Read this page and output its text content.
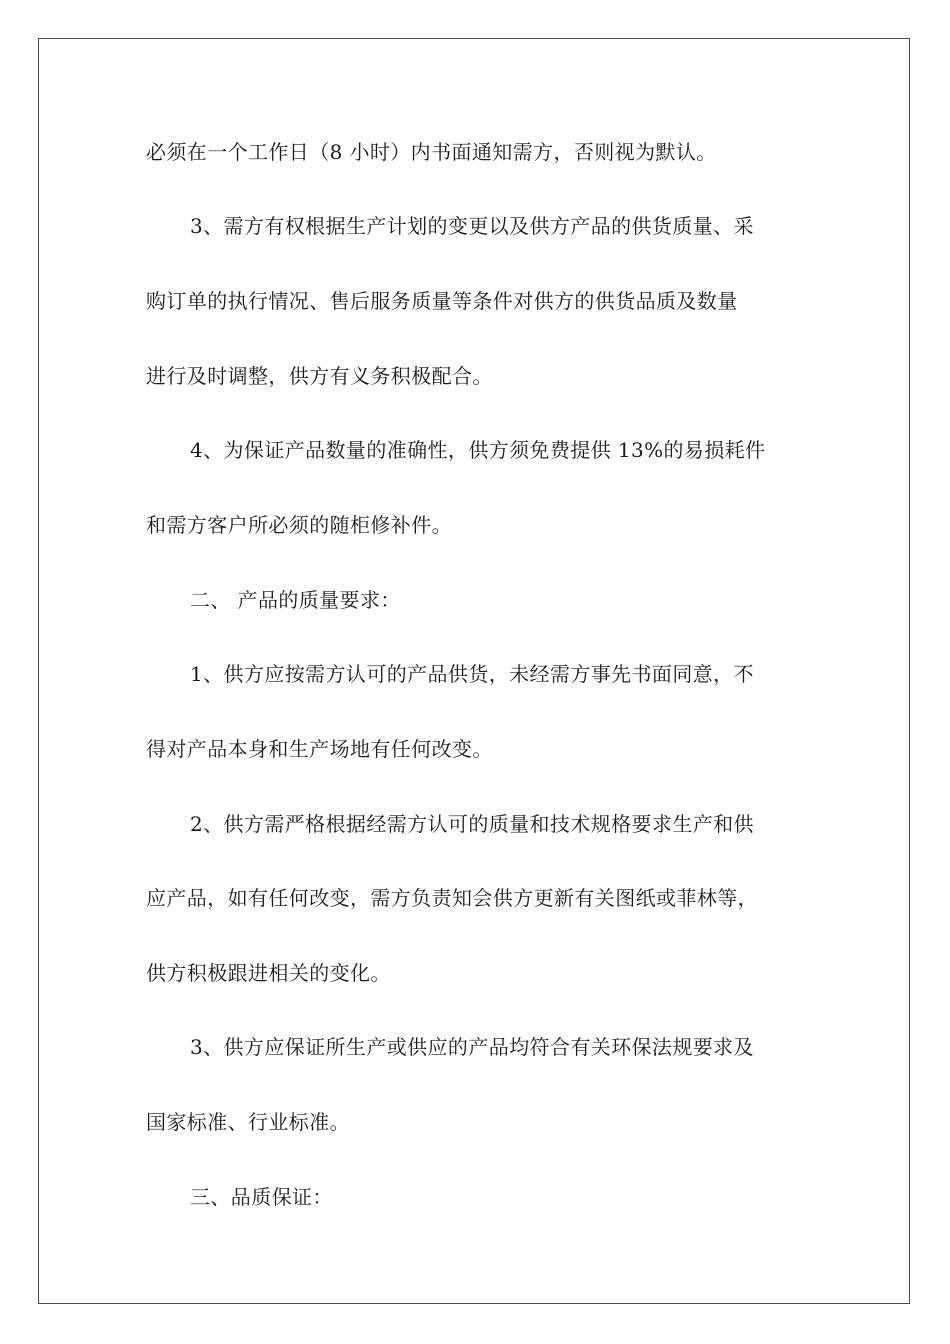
必须在一个工作日（8 小时）内书面通知需方，否则视为默认。
3、需方有权根据生产计划的变更以及供方产品的供货质量、采
购订单的执行情况、售后服务质量等条件对供方的供货品质及数量
进行及时调整，供方有义务积极配合。
4、为保证产品数量的准确性，供方须免费提供 13%的易损耗件
和需方客户所必须的随柜修补件。
二、 产品的质量要求：
1、供方应按需方认可的产品供货，未经需方事先书面同意，不
得对产品本身和生产场地有任何改变。
2、供方需严格根据经需方认可的质量和技术规格要求生产和供
应产品，如有任何改变，需方负责知会供方更新有关图纸或菲林等，
供方积极跟进相关的变化。
3、供方应保证所生产或供应的产品均符合有关环保法规要求及
国家标准、行业标准。
三、品质保证：
